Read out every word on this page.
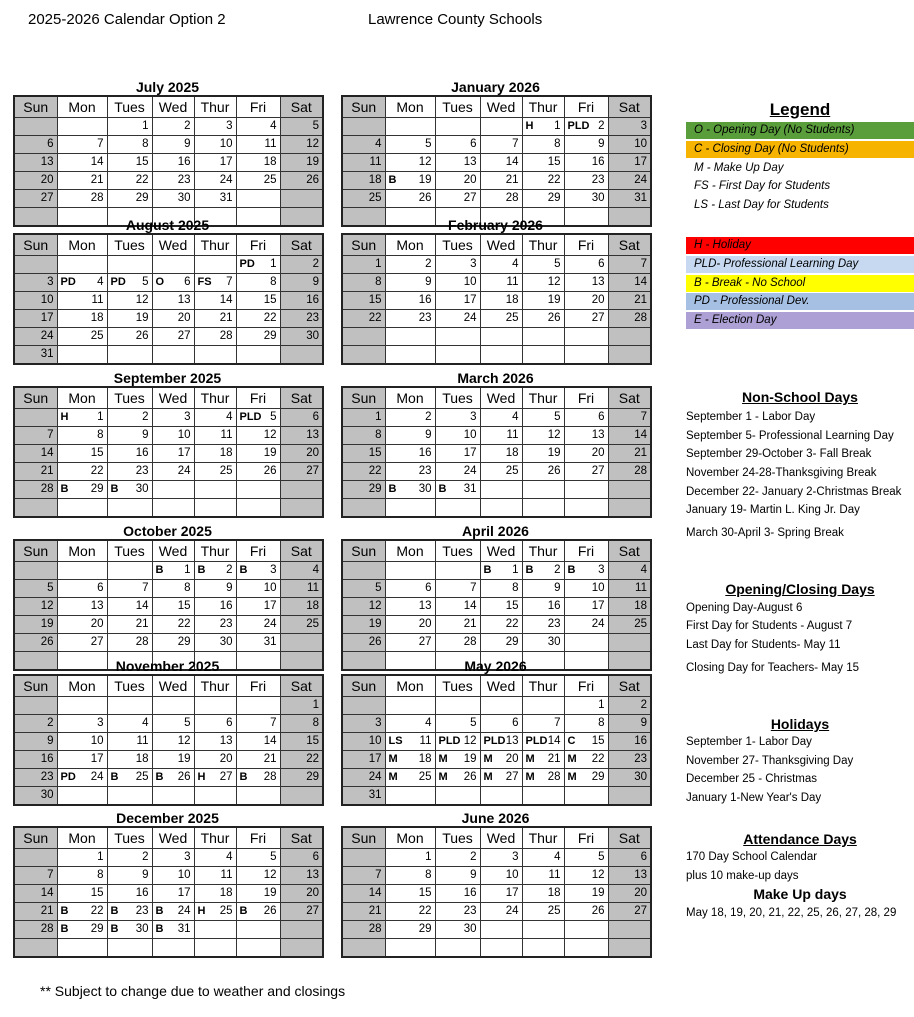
2025-2026 Calendar Option 2	Lawrence County Schools
July 2025
Sun	Mon	Tues	Wed	Thur	Fri	Sat
		1	2	3	4	5
6	7	8	9	10	11	12
13	14	15	16	17	18	19
20	21	22	23	24	25	26
27	28	29	30	31		

August 2025
Sun	Mon	Tues	Wed	Thur	Fri	Sat

					PD 1	2
3	PD 4	PD 5	O 6	FS 7	8	9
10	11	12	13	14	15	16
17	18	19	20	21	22	23
24	25	26	27	28	29	30
31						
September 2025
Sun	Mon	Tues	Wed	Thur	Fri	Sat

	H 1	2	3	4	PLD 5	6
7	8	9	10	11	12	13
14	15	16	17	18	19	20
21	22	23	24	25	26	27
28	B 29	B 30				

October 2025
Sun	Mon	Tues	Wed	Thur	Fri	Sat

			B 1	B 2	B 3	4
5	6	7	8	9	10	11
12	13	14	15	16	17	18
19	20	21	22	23	24	25
26	27	28	29	30	31	

November 2025
Sun	Mon	Tues	Wed	Thur	Fri	Sat
						1
2	3	4	5	6	7	8
9	10	11	12	13	14	15
16	17	18	19	20	21	22
23	PD 24	B 25	B 26	H 27	B 28	29
30						
December 2025
Sun	Mon	Tues	Wed	Thur	Fri	Sat
	1	2	3	4	5	6
7	8	9	10	11	12	13
14	15	16	17	18	19	20
21	B 22	B 23	B 24	H 25	B 26	27
28	B 29	B 30	B 31			

January 2026
Sun	Mon	Tues	Wed	Thur	Fri	Sat

				H 1	PLD 2	3
4	5	6	7	8	9	10
11	12	13	14	15	16	17
18	B 19	20	21	22	23	24
25	26	27	28	29	30	31

February 2026
Sun	Mon	Tues	Wed	Thur	Fri	Sat
1	2	3	4	5	6	7
8	9	10	11	12	13	14
15	16	17	18	19	20	21
22	23	24	25	26	27	28

March 2026
Sun	Mon	Tues	Wed	Thur	Fri	Sat
1	2	3	4	5	6	7
8	9	10	11	12	13	14
15	16	17	18	19	20	21
22	23	24	25	26	27	28
29	B 30	B 31				

April 2026
Sun	Mon	Tues	Wed	Thur	Fri	Sat

			B 1	B 2	B 3	4
5	6	7	8	9	10	11
12	13	14	15	16	17	18
19	20	21	22	23	24	25
26	27	28	29	30		

May 2026
Sun	Mon	Tues	Wed	Thur	Fri	Sat
					1	2
3	4	5	6	7	8	9
10	LS 11	PLD 12	PLD 13	PLD 14	C 15	16
17	M 18	M 19	M 20	M 21	M 22	23
24	M 25	M 26	M 27	M 28	M 29	30
31						
June 2026
Sun	Mon	Tues	Wed	Thur	Fri	Sat
	1	2	3	4	5	6
7	8	9	10	11	12	13
14	15	16	17	18	19	20
21	22	23	24	25	26	27
28	29	30				

Legend
O - Opening Day (No Students)
C - Closing Day (No Students)
M - Make Up Day
FS - First Day for Students
LS - Last Day for Students
H - Holiday
PLD- Professional Learning Day
B - Break - No School
PD - Professional Dev.
E - Election Day
Non-School Days
September 1 - Labor Day
September 5- Professional Learning Day
September 29-October 3- Fall Break
November 24-28-Thanksgiving Break
December 22- January 2-Christmas Break
January 19- Martin L. King Jr. Day
March 30-April 3- Spring Break
Opening/Closing Days
Opening Day-August 6
First Day for Students - August 7
Last Day for Students- May 11
Closing Day for Teachers- May 15
Holidays
September 1- Labor Day
November 27- Thanksgiving Day
December 25 - Christmas
January 1-New Year's Day
Attendance Days
170 Day School Calendar
plus 10 make-up days
Make Up days
May 18, 19, 20, 21, 22, 25, 26, 27, 28, 29
** Subject to change due to weather and closings
